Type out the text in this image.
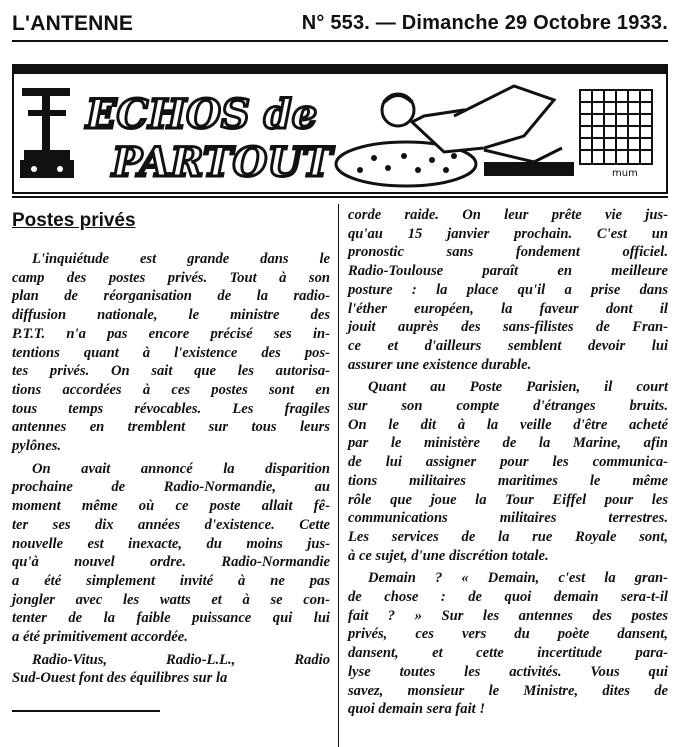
L'ANTENNE	N° 553. — Dimanche 29 Octobre 1933.
ECHOS de
PARTOUT	mum
Postes privés

L'inquiétude est grande dans le
camp des postes privés. Tout à son
plan de réorganisation de la radio-
diffusion nationale, le ministre des
P.T.T. n'a pas encore précisé ses in-
tentions quant à l'existence des pos-
tes privés. On sait que les autorisa-
tions accordées à ces postes sont en
tous temps révocables. Les fragiles
antennes en tremblent sur tous leurs
pylônes.

On avait annoncé la disparition
prochaine de Radio-Normandie, au
moment même où ce poste allait fê-
ter ses dix années d'existence. Cette
nouvelle est inexacte, du moins jus-
qu'à nouvel ordre. Radio-Normandie
a été simplement invité à ne pas
jongler avec les watts et à se con-
tenter de la faible puissance qui lui
a été primitivement accordée.

Radio-Vitus, Radio-L.L., Radio
Sud-Ouest font des équilibres sur la

corde raide. On leur prête vie jus-
qu'au 15 janvier prochain. C'est un
pronostic sans fondement officiel.
Radio-Toulouse paraît en meilleure
posture : la place qu'il a prise dans
l'éther européen, la faveur dont il
jouit auprès des sans-filistes de Fran-
ce et d'ailleurs semblent devoir lui
assurer une existence durable.

Quant au Poste Parisien, il court
sur son compte d'étranges bruits.
On le dit à la veille d'être acheté
par le ministère de la Marine, afin
de lui assigner pour les communica-
tions militaires maritimes le même
rôle que joue la Tour Eiffel pour les
communications militaires terrestres.
Les services de la rue Royale sont,
à ce sujet, d'une discrétion totale.

Demain ? « Demain, c'est la gran-
de chose : de quoi demain sera-t-il
fait ? » Sur les antennes des postes
privés, ces vers du poète dansent,
dansent, et cette incertitude para-
lyse toutes les activités. Vous qui
savez, monsieur le Ministre, dites de
quoi demain sera fait !
